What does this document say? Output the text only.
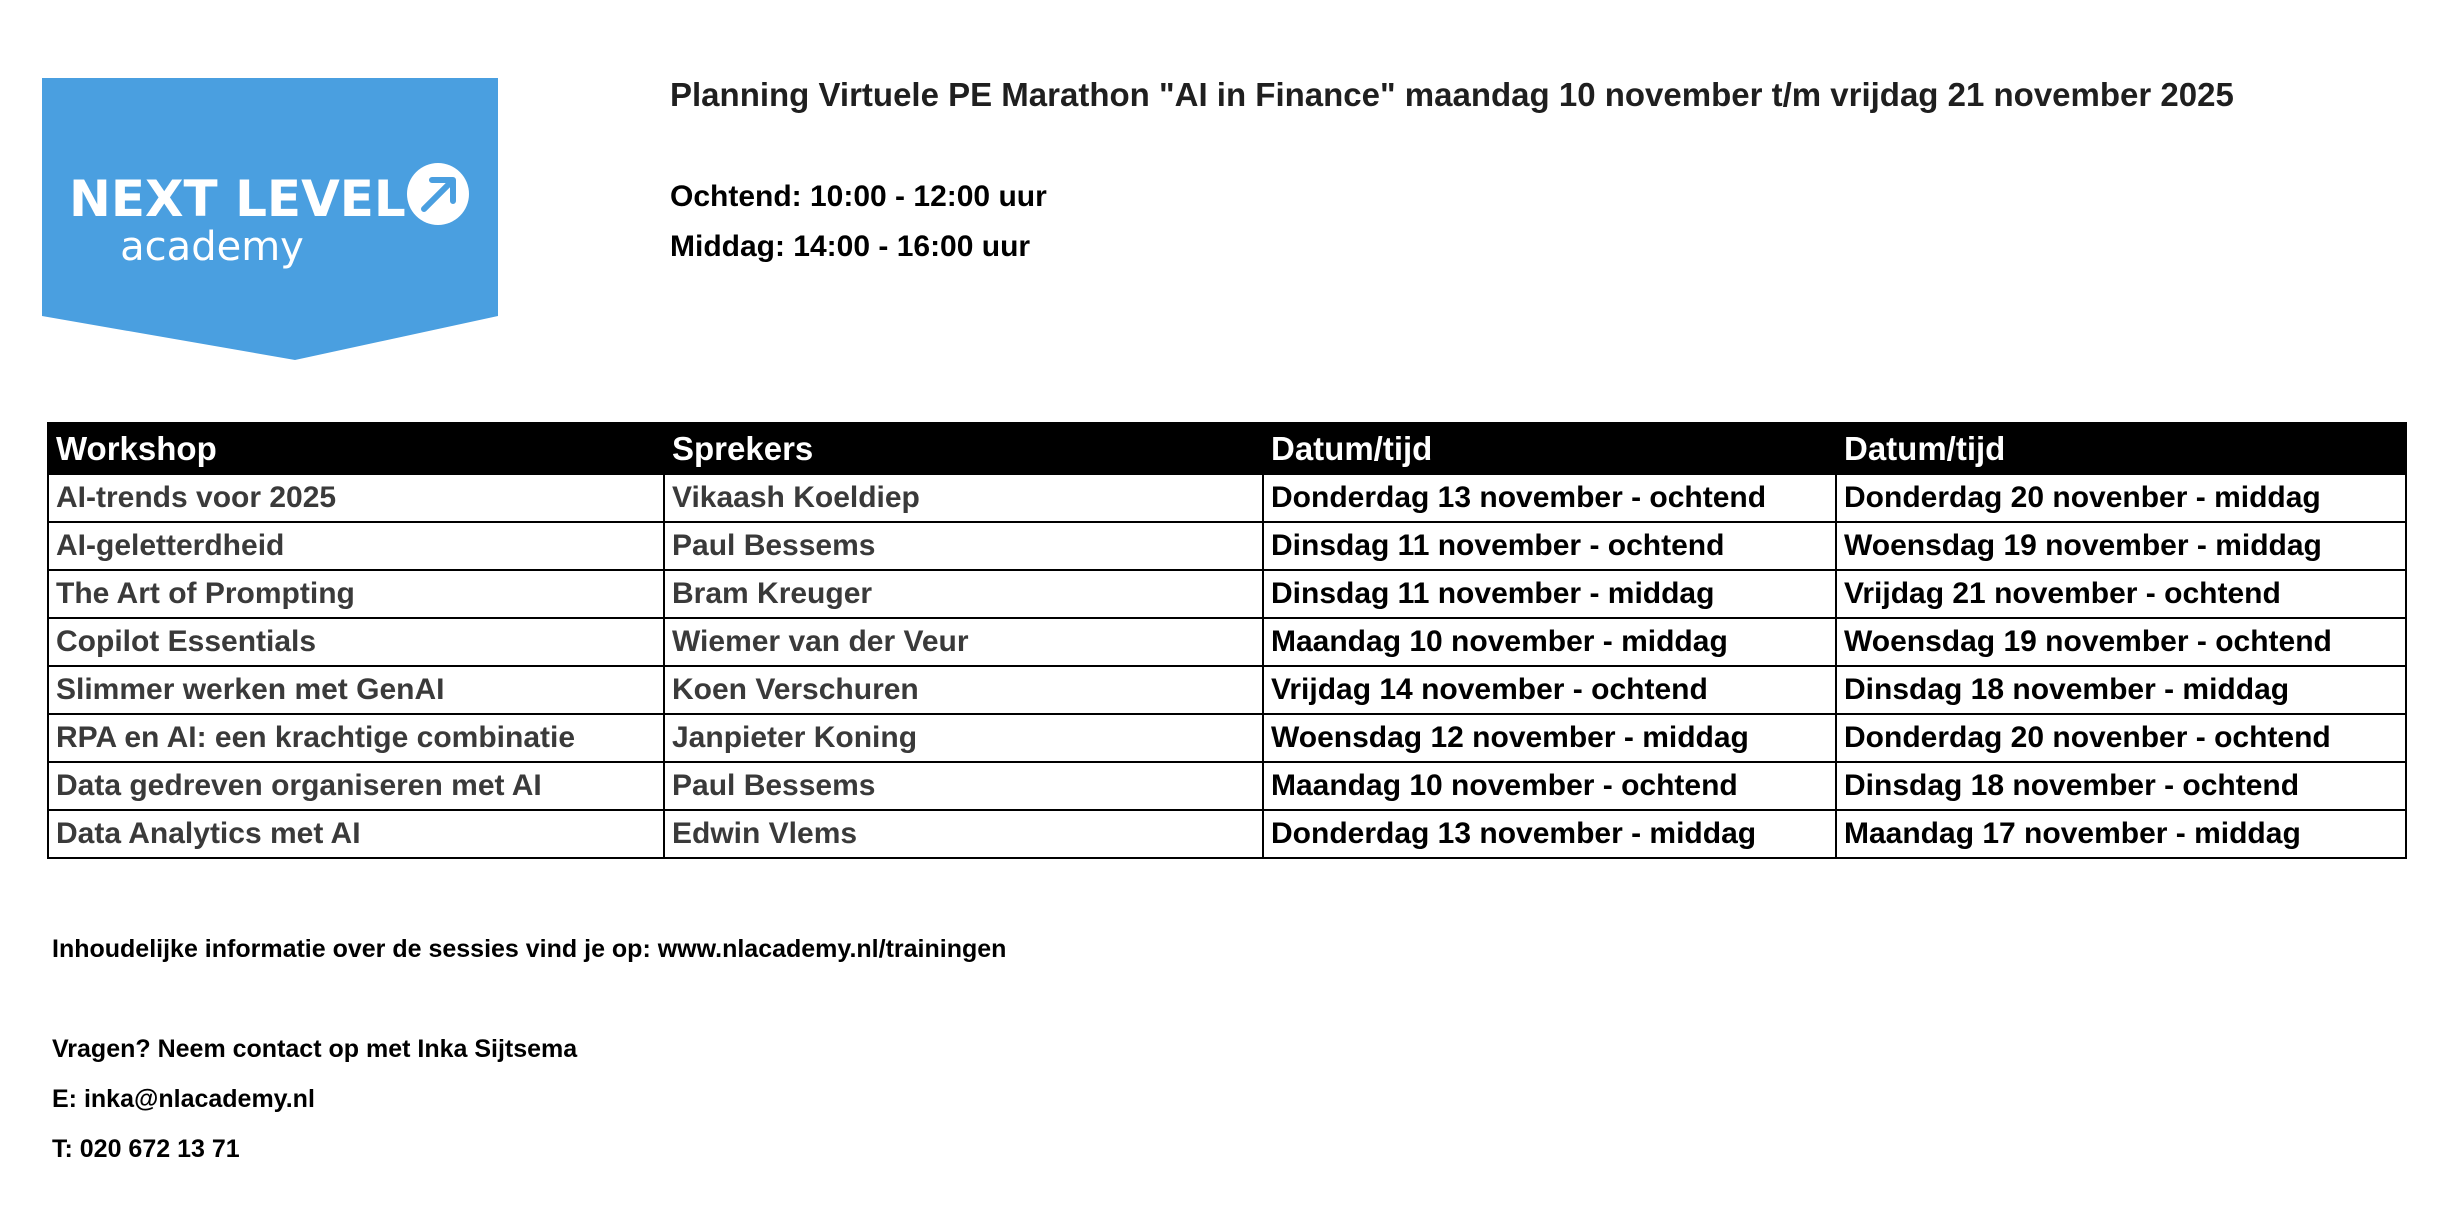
NEXT LEVEL
academy
Planning Virtuele PE Marathon "AI in Finance" maandag 10 november t/m vrijdag 21 november 2025
Ochtend: 10:00 - 12:00 uur
Middag: 14:00 - 16:00 uur
Workshop	Sprekers	Datum/tijd	Datum/tijd
AI-trends voor 2025	Vikaash Koeldiep	Donderdag 13 november - ochtend	Donderdag 20 novenber - middag
AI-geletterdheid	Paul Bessems	Dinsdag 11 november - ochtend	Woensdag 19 november - middag
The Art of Prompting	Bram Kreuger	Dinsdag 11 november - middag	Vrijdag 21 november - ochtend
Copilot Essentials	Wiemer van der Veur	Maandag 10 november - middag	Woensdag 19 november - ochtend
Slimmer werken met GenAI	Koen Verschuren	Vrijdag 14 november - ochtend	Dinsdag 18 november - middag
RPA en AI: een krachtige combinatie	Janpieter Koning	Woensdag 12 november - middag	Donderdag 20 novenber - ochtend
Data gedreven organiseren met AI	Paul Bessems	Maandag 10 november - ochtend	Dinsdag 18 november - ochtend
Data Analytics met AI	Edwin Vlems	Donderdag 13 november - middag	Maandag 17 november - middag
Inhoudelijke informatie over de sessies vind je op: www.nlacademy.nl/trainingen
Vragen? Neem contact op met Inka Sijtsema
E: inka@nlacademy.nl
T: 020 672 13 71
